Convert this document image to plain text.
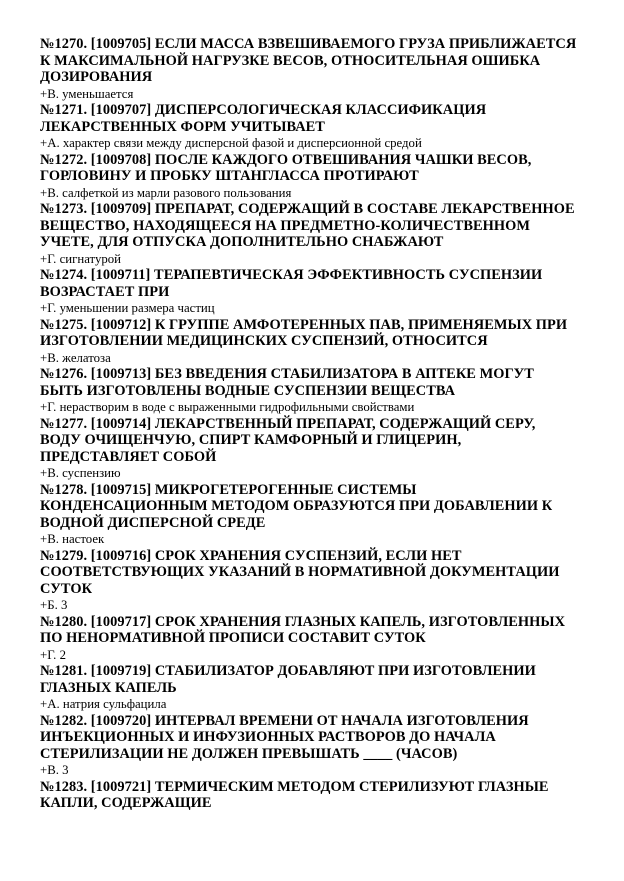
№1270. [1009705] ЕСЛИ МАССА ВЗВЕШИВАЕМОГО ГРУЗА ПРИБЛИЖАЕТСЯ
К МАКСИМАЛЬНОЙ НАГРУЗКЕ ВЕСОВ, ОТНОСИТЕЛЬНАЯ ОШИБКА
ДОЗИРОВАНИЯ
+В. уменьшается
№1271. [1009707] ДИСПЕРСОЛОГИЧЕСКАЯ КЛАССИФИКАЦИЯ
ЛЕКАРСТВЕННЫХ ФОРМ УЧИТЫВАЕТ
+А. характер связи между дисперсной фазой и дисперсионной средой
№1272. [1009708] ПОСЛЕ КАЖДОГО ОТВЕШИВАНИЯ ЧАШКИ ВЕСОВ,
ГОРЛОВИНУ И ПРОБКУ ШТАНГЛАССА ПРОТИРАЮТ
+В. салфеткой из марли разового пользования
№1273. [1009709] ПРЕПАРАТ, СОДЕРЖАЩИЙ В СОСТАВЕ ЛЕКАРСТВЕННОЕ
ВЕЩЕСТВО, НАХОДЯЩЕЕСЯ НА ПРЕДМЕТНО-КОЛИЧЕСТВЕННОМ
УЧЕТЕ, ДЛЯ ОТПУСКА ДОПОЛНИТЕЛЬНО СНАБЖАЮТ
+Г. сигнатурой
№1274. [1009711] ТЕРАПЕВТИЧЕСКАЯ ЭФФЕКТИВНОСТЬ СУСПЕНЗИИ
ВОЗРАСТАЕТ ПРИ
+Г. уменьшении размера частиц
№1275. [1009712] К ГРУППЕ АМФОТЕРЕННЫХ ПАВ, ПРИМЕНЯЕМЫХ ПРИ
ИЗГОТОВЛЕНИИ МЕДИЦИНСКИХ СУСПЕНЗИЙ, ОТНОСИТСЯ
+В. желатоза
№1276. [1009713] БЕЗ ВВЕДЕНИЯ СТАБИЛИЗАТОРА В АПТЕКЕ МОГУТ
БЫТЬ ИЗГОТОВЛЕНЫ ВОДНЫЕ СУСПЕНЗИИ ВЕЩЕСТВА
+Г. нерастворим в воде с выраженными гидрофильными свойствами
№1277. [1009714] ЛЕКАРСТВЕННЫЙ ПРЕПАРАТ, СОДЕРЖАЩИЙ СЕРУ,
ВОДУ ОЧИЩЕНЧУЮ, СПИРТ КАМФОРНЫЙ И ГЛИЦЕРИН,
ПРЕДСТАВЛЯЕТ СОБОЙ
+В. суспензию
№1278. [1009715] МИКРОГЕТЕРОГЕННЫЕ СИСТЕМЫ
КОНДЕНСАЦИОННЫМ МЕТОДОМ ОБРАЗУЮТСЯ ПРИ ДОБАВЛЕНИИ К
ВОДНОЙ ДИСПЕРСНОЙ СРЕДЕ
+В. настоек
№1279. [1009716] СРОК ХРАНЕНИЯ СУСПЕНЗИЙ, ЕСЛИ НЕТ
СООТВЕТСТВУЮЩИХ УКАЗАНИЙ В НОРМАТИВНОЙ ДОКУМЕНТАЦИИ
СУТОК
+Б. 3
№1280. [1009717] СРОК ХРАНЕНИЯ ГЛАЗНЫХ КАПЕЛЬ, ИЗГОТОВЛЕННЫХ
ПО НЕНОРМАТИВНОЙ ПРОПИСИ СОСТАВИТ СУТОК
+Г. 2
№1281. [1009719] СТАБИЛИЗАТОР ДОБАВЛЯЮТ ПРИ ИЗГОТОВЛЕНИИ
ГЛАЗНЫХ КАПЕЛЬ
+А. натрия сульфацила
№1282. [1009720] ИНТЕРВАЛ ВРЕМЕНИ ОТ НАЧАЛА ИЗГОТОВЛЕНИЯ
ИНЪЕКЦИОННЫХ И ИНФУЗИОННЫХ РАСТВОРОВ ДО НАЧАЛА
СТЕРИЛИЗАЦИИ НЕ ДОЛЖЕН ПРЕВЫШАТЬ ____ (ЧАСОВ)
+В. 3
№1283. [1009721] ТЕРМИЧЕСКИМ МЕТОДОМ СТЕРИЛИЗУЮТ ГЛАЗНЫЕ
КАПЛИ, СОДЕРЖАЩИЕ
